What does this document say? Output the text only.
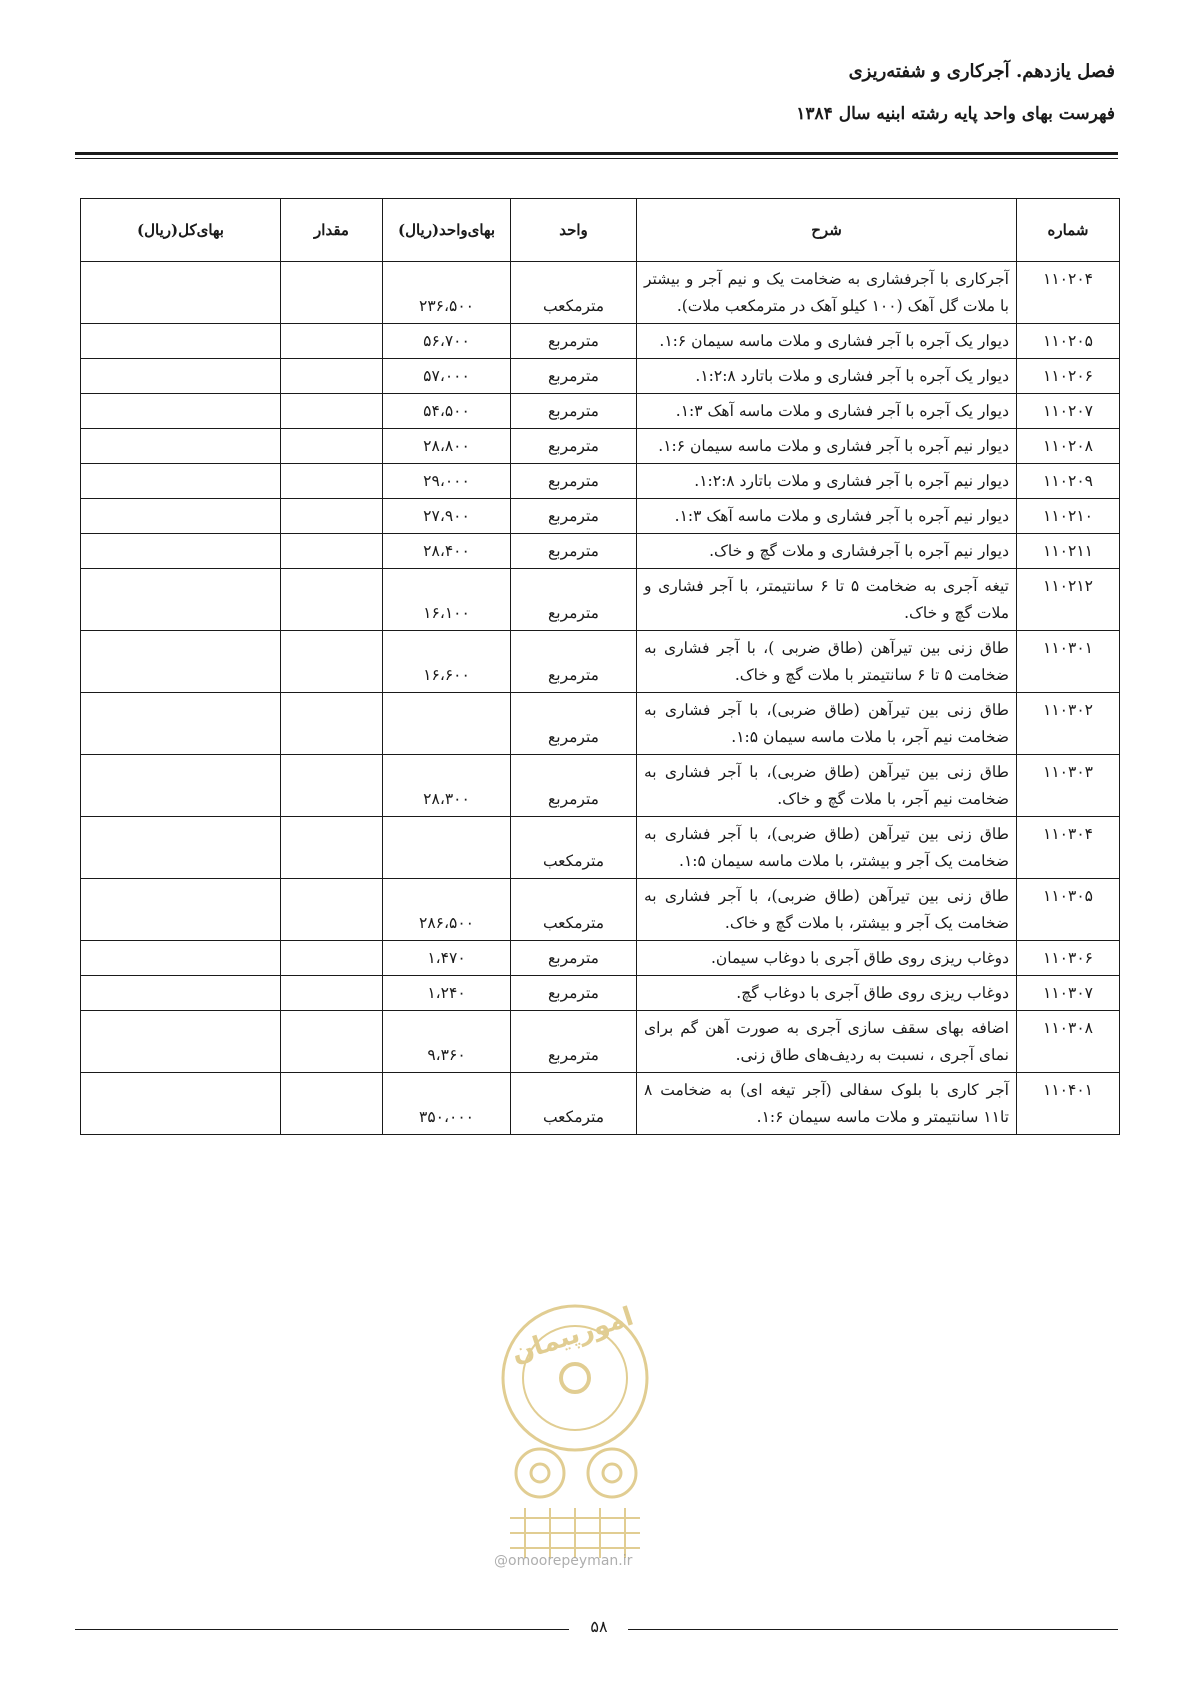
فصل یازدهم. آجرکاری و شفته‌ریزی
فهرست بهای واحد پایه رشته ابنیه سال ۱۳۸۴
شماره	شرح	واحد	بهای‌واحد(ریال)	مقدار	بهای‌کل(ریال)
۱۱۰۲۰۴	آجرکاری با آجرفشاری به ضخامت یک و نیم آجر و بیشتر با ملات گل آهک (۱۰۰ کیلو آهک در مترمکعب ملات).	مترمکعب	۲۳۶،۵۰۰		
۱۱۰۲۰۵	دیوار یک آجره با آجر فشاری و ملات ماسه سیمان ۱:۶.	مترمربع	۵۶،۷۰۰		
۱۱۰۲۰۶	دیوار یک آجره با آجر فشاری و ملات باتارد ۱:۲:۸.	مترمربع	۵۷،۰۰۰		
۱۱۰۲۰۷	دیوار یک آجره با آجر فشاری و ملات ماسه آهک ۱:۳.	مترمربع	۵۴،۵۰۰		
۱۱۰۲۰۸	دیوار نیم آجره با آجر فشاری و ملات ماسه سیمان ۱:۶.	مترمربع	۲۸،۸۰۰		
۱۱۰۲۰۹	دیوار نیم آجره با آجر فشاری و ملات باتارد ۱:۲:۸.	مترمربع	۲۹،۰۰۰		
۱۱۰۲۱۰	دیوار نیم آجره با آجر فشاری و ملات ماسه آهک ۱:۳.	مترمربع	۲۷،۹۰۰		
۱۱۰۲۱۱	دیوار نیم آجره با آجرفشاری و ملات گچ و خاک.	مترمربع	۲۸،۴۰۰		
۱۱۰۲۱۲	تیغه آجری به ضخامت ۵ تا ۶ سانتیمتر، با آجر فشاری و ملات گچ و خاک.	مترمربع	۱۶،۱۰۰		
۱۱۰۳۰۱	طاق زنی بین تیرآهن (طاق ضربی )، با آجر فشاری به ضخامت ۵ تا ۶ سانتیمتر با ملات گچ و خاک.	مترمربع	۱۶،۶۰۰		
۱۱۰۳۰۲	طاق زنی بین تیرآهن (طاق ضربی)، با آجر فشاری به ضخامت نیم آجر، با ملات ماسه سیمان ۱:۵.	مترمربع			
۱۱۰۳۰۳	طاق زنی بین تیرآهن (طاق ضربی)، با آجر فشاری به ضخامت نیم آجر، با ملات گچ و خاک.	مترمربع	۲۸،۳۰۰		
۱۱۰۳۰۴	طاق زنی بین تیرآهن (طاق ضربی)، با آجر فشاری به ضخامت یک آجر و بیشتر، با ملات ماسه سیمان ۱:۵.	مترمکعب			
۱۱۰۳۰۵	طاق زنی بین تیرآهن (طاق ضربی)، با آجر فشاری به ضخامت یک آجر و بیشتر، با ملات گچ و خاک.	مترمکعب	۲۸۶،۵۰۰		
۱۱۰۳۰۶	دوغاب ریزی روی طاق آجری با دوغاب سیمان.	مترمربع	۱،۴۷۰		
۱۱۰۳۰۷	دوغاب ریزی روی طاق آجری با دوغاب گچ.	مترمربع	۱،۲۴۰		
۱۱۰۳۰۸	اضافه بهای سقف سازی آجری به صورت آهن گم برای نمای آجری ، نسبت به ردیف‌های طاق زنی.	مترمربع	۹،۳۶۰		
۱۱۰۴۰۱	آجر کاری با بلوک سفالی (آجر تیغه ای) به ضخامت ۸ تا۱۱ سانتیمتر و ملات ماسه سیمان ۱:۶.	مترمکعب	۳۵۰،۰۰۰		
امورپیمان
@omoorepeyman.ir
۵۸
